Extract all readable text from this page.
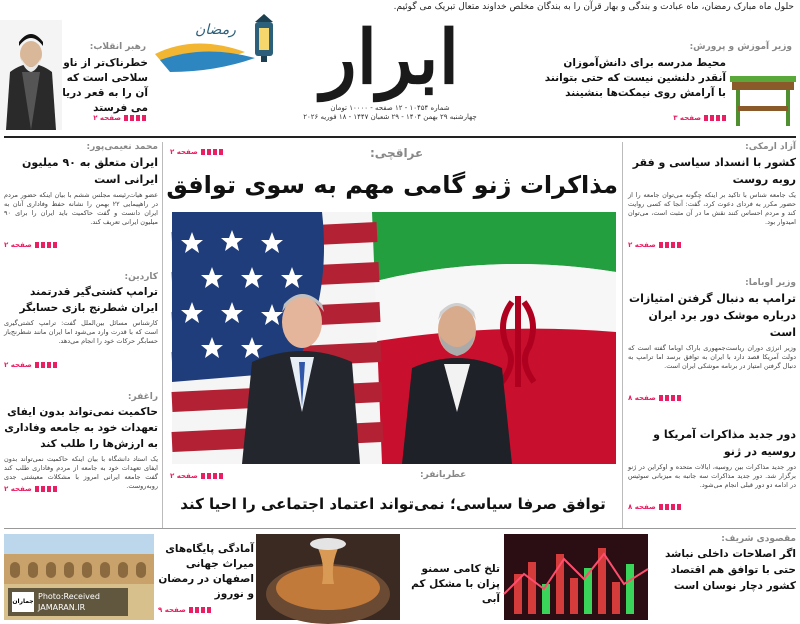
حلول ماه مبارک رمضان، ماه عبادت و بندگی و بهار قرآن را به بندگان مخلص خداوند متعال تبریک می گوئیم.
ابرار
شماره ۱۰۴۵۴ - ۱۲ صفحه - ۱۰۰۰۰ تومان
چهارشنبه ۲۹ بهمن ۱۴۰۴ - ۲۹ شعبان ۱۴۴۷ - ۱۸ فوریه ۲۰۲۶
رمضان
رهبر انقلاب:
خطرناک‌تر از ناو سلاحی است که آن را به قعر دریا می فرستد
صفحه ۲
وزیر آموزش و پرورش:
محیط مدرسه برای دانش‌آموزان آنقدر دلنشین نیست که حتی بتوانند با آرامش روی نیمکت‌ها بنشینند
صفحه ۳
عراقچی:
صفحه ۲
مذاکرات ژنو گامی مهم به سوی توافق
عطریانفر:
صفحه ۲
توافق صرفا سیاسی؛ نمی‌تواند اعتماد اجتماعی را احیا کند
آزاد ارمکی:
کشور با انسداد سیاسی و فقر روبه روست
یک جامعه شناس با تاکید بر اینکه چگونه می‌توان جامعه را از حضور مکرر به فردای دعوت کرد، گفت: آنجا که کسی روایت کند و مردم احساس کنند نقش ما در آن مثبت است، می‌توان امیدوار بود.
صفحه ۲
وزیر اوباما:
ترامپ به دنبال گرفتن امتیازات درباره موشک دور برد ایران است
وزیر انرژی دوران ریاست‌جمهوری باراک اوباما گفته است که دولت آمریکا قصد دارد با ایران به توافق برسد اما ترامپ به دنبال گرفتن امتیاز در برنامه موشکی ایران است.
صفحه ۸
دور جدید مذاکرات آمریکا و روسیه در ژنو
دور جدید مذاکرات بین روسیه، ایالات متحده و اوکراین در ژنو برگزار شد. دور جدید مذاکرات سه جانبه به میزبانی سوئیس در ادامه دو دور قبلی انجام می‌شود.
صفحه ۸
محمد نعیمی‌پور:
ایران متعلق به ۹۰ میلیون ایرانی است
عضو هیات‌رئیسه مجلس ششم با بیان اینکه حضور مردم در راهپیمایی ۲۲ بهمن را نشانه حفظ وفاداری آنان به ایران دانست و گفت حاکمیت باید ایران را برای ۹۰ میلیون ایرانی تعریف کند.
صفحه ۲
کاردین:
ترامپ کشتی‌گیر قدرتمند ایران شطرنج بازی حسابگر
کارشناس مسائل بین‌الملل گفت: ترامپ کشتی‌گیری است که با قدرت وارد می‌شود اما ایران مانند شطرنج‌باز حسابگر حرکات خود را انجام می‌دهد.
صفحه ۲
راغفر:
حاکمیت نمی‌تواند بدون ایفای تعهدات خود به جامعه وفاداری به ارزش‌ها را طلب کند
یک استاد دانشگاه با بیان اینکه حاکمیت نمی‌تواند بدون ایفای تعهدات خود به جامعه از مردم وفاداری طلب کند گفت جامعه ایرانی امروز با مشکلات معیشتی جدی روبه‌روست.
صفحه ۲
مقصودی شریف:
اگر اصلاحات داخلی نباشد حتی با توافق هم اقتصاد کشور دچار نوسان است
تلخ کامی سمنو پزان با مشکل کم آبی
آمادگی پایگاه‌های میراث جهانی اصفهان در رمضان و نوروز
صفحه ۹
جماران
Photo:Received
JAMARAN.IR
